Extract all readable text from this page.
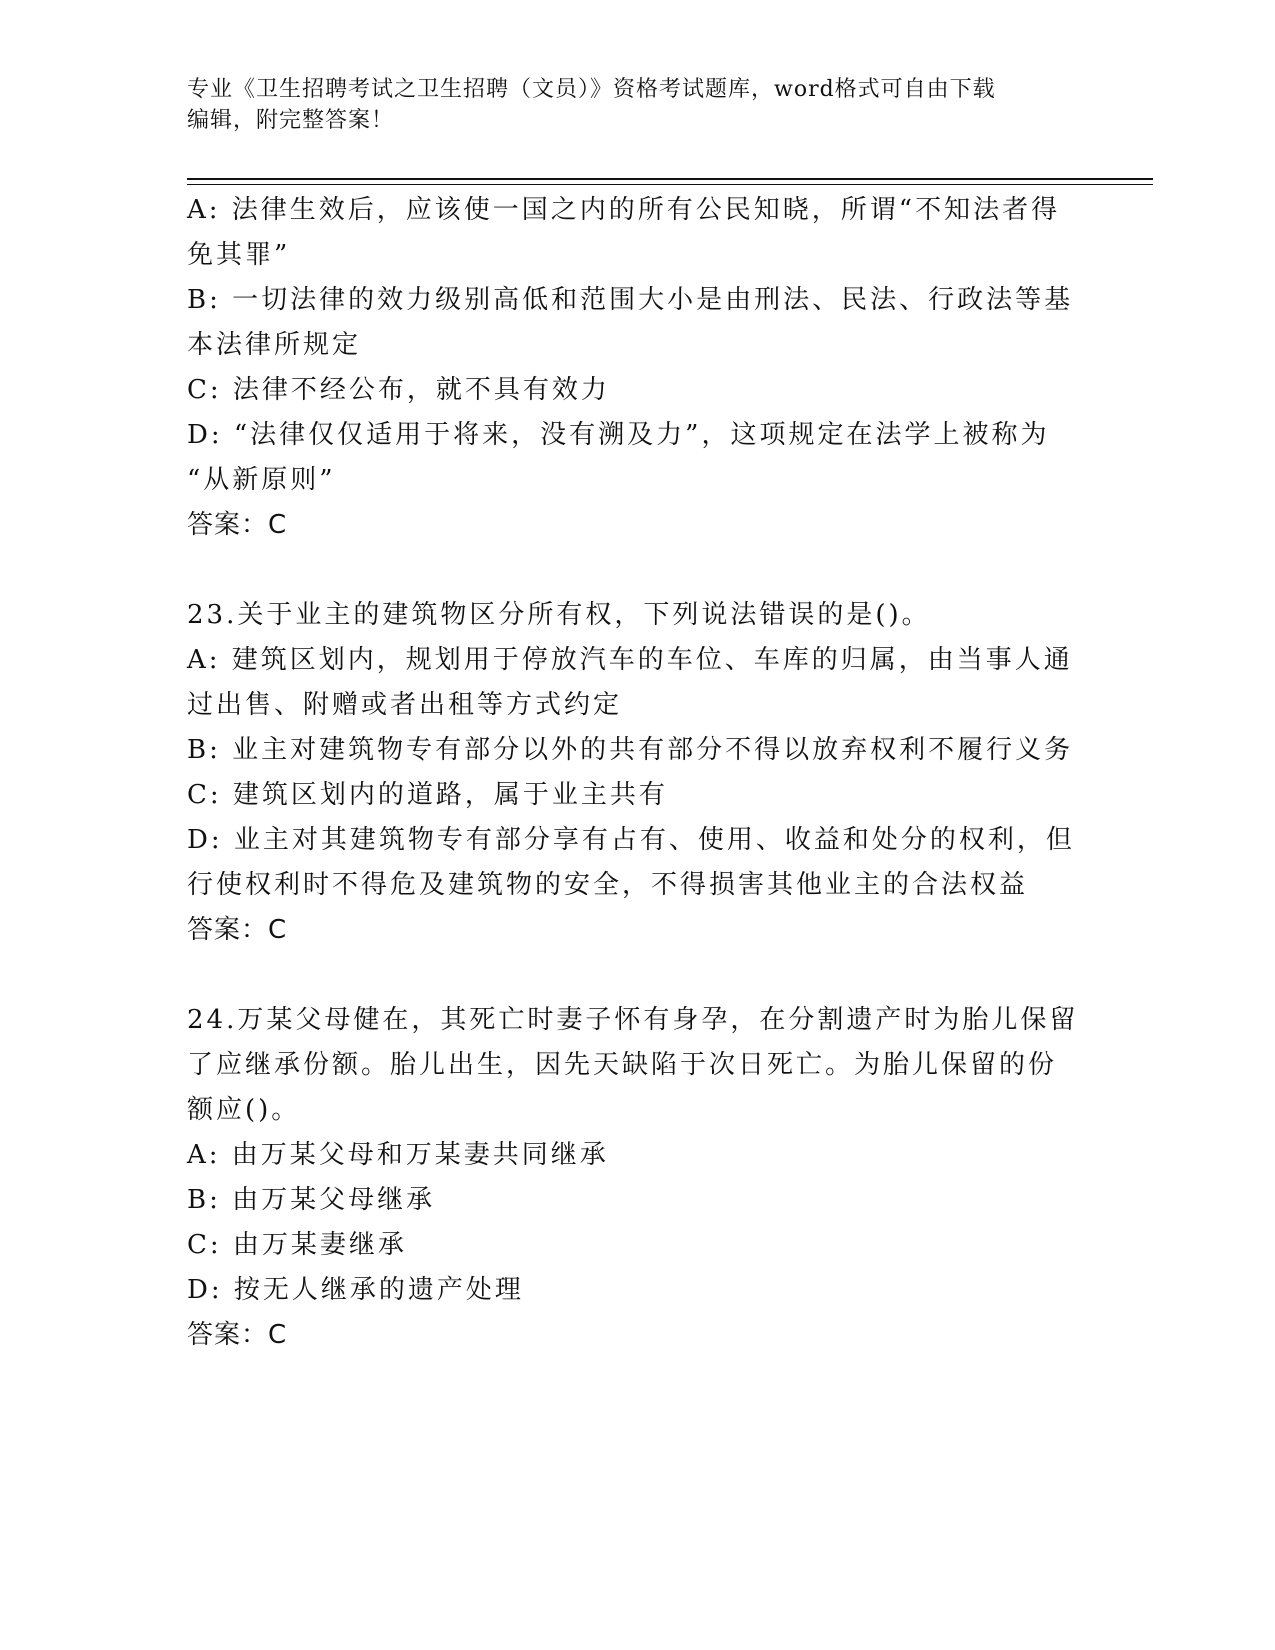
专业《卫生招聘考试之卫生招聘（文员）》资格考试题库，word格式可自由下载
编辑，附完整答案！
A: 法律生效后，应该使一国之内的所有公民知晓，所谓“不知法者得
免其罪”
B: 一切法律的效力级别高低和范围大小是由刑法、民法、行政法等基
本法律所规定
C: 法律不经公布，就不具有效力
D: “法律仅仅适用于将来，没有溯及力”，这项规定在法学上被称为
“从新原则”
答案：C
23.关于业主的建筑物区分所有权，下列说法错误的是()。
A: 建筑区划内，规划用于停放汽车的车位、车库的归属，由当事人通
过出售、附赠或者出租等方式约定
B: 业主对建筑物专有部分以外的共有部分不得以放弃权利不履行义务
C: 建筑区划内的道路，属于业主共有
D: 业主对其建筑物专有部分享有占有、使用、收益和处分的权利，但
行使权利时不得危及建筑物的安全，不得损害其他业主的合法权益
答案：C
24.万某父母健在，其死亡时妻子怀有身孕，在分割遗产时为胎儿保留
了应继承份额。胎儿出生，因先天缺陷于次日死亡。为胎儿保留的份
额应()。
A: 由万某父母和万某妻共同继承
B: 由万某父母继承
C: 由万某妻继承
D: 按无人继承的遗产处理
答案：C
